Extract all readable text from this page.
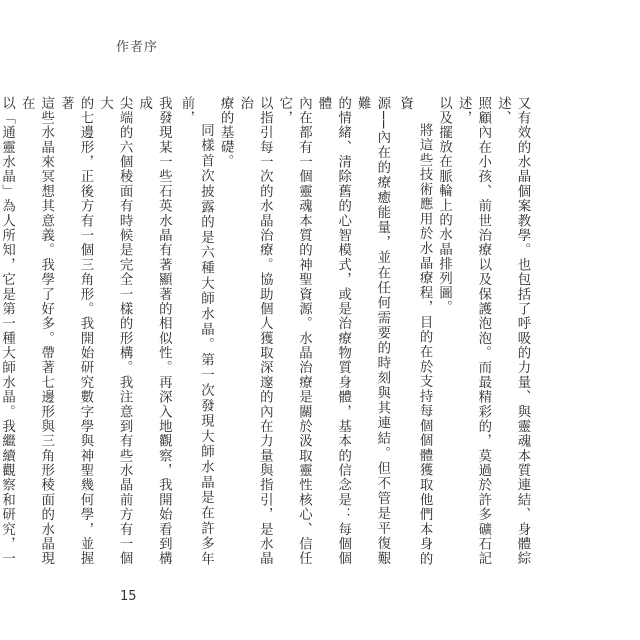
作者序

又有效的水晶個案教學。也包括了呼吸的力量、與靈魂本質連結、身體綜述、

照顧內在小孩、前世治療以及保護泡泡。而最精彩的，莫過於許多礦石記述，

以及擺放在脈輪上的水晶排列圖。

將這些技術應用於水晶療程，目的在於支持每個個體獲取他們本身的資

源──內在的療癒能量，並在任何需要的時刻與其連結。但不管是平復艱難

的情緒、清除舊的心智模式，或是治療物質身體，基本的信念是：每個個體

內在都有一個靈魂本質的神聖資源。水晶治療是關於汲取靈性核心、信任它，

以指引每一次的水晶治療。協助個人獲取深邃的內在力量與指引，是水晶治

療的基礎。

同樣首次披露的是六種大師水晶。第一次發現大師水晶是在許多年前，

我發現某一些石英水晶有著顯著的相似性。再深入地觀察，我開始看到構成

尖端的六個稜面有時候是完全一樣的形構。我注意到有些水晶前方有一個大

的七邊形，正後方有一個三角形。我開始研究數字學與神聖幾何學，並握著

這些水晶來冥想其意義。我學了好多。帶著七邊形與三角形稜面的水晶現在

以「通靈水晶」為人所知，它是第一種大師水晶。我繼續觀察和研究，一

15
